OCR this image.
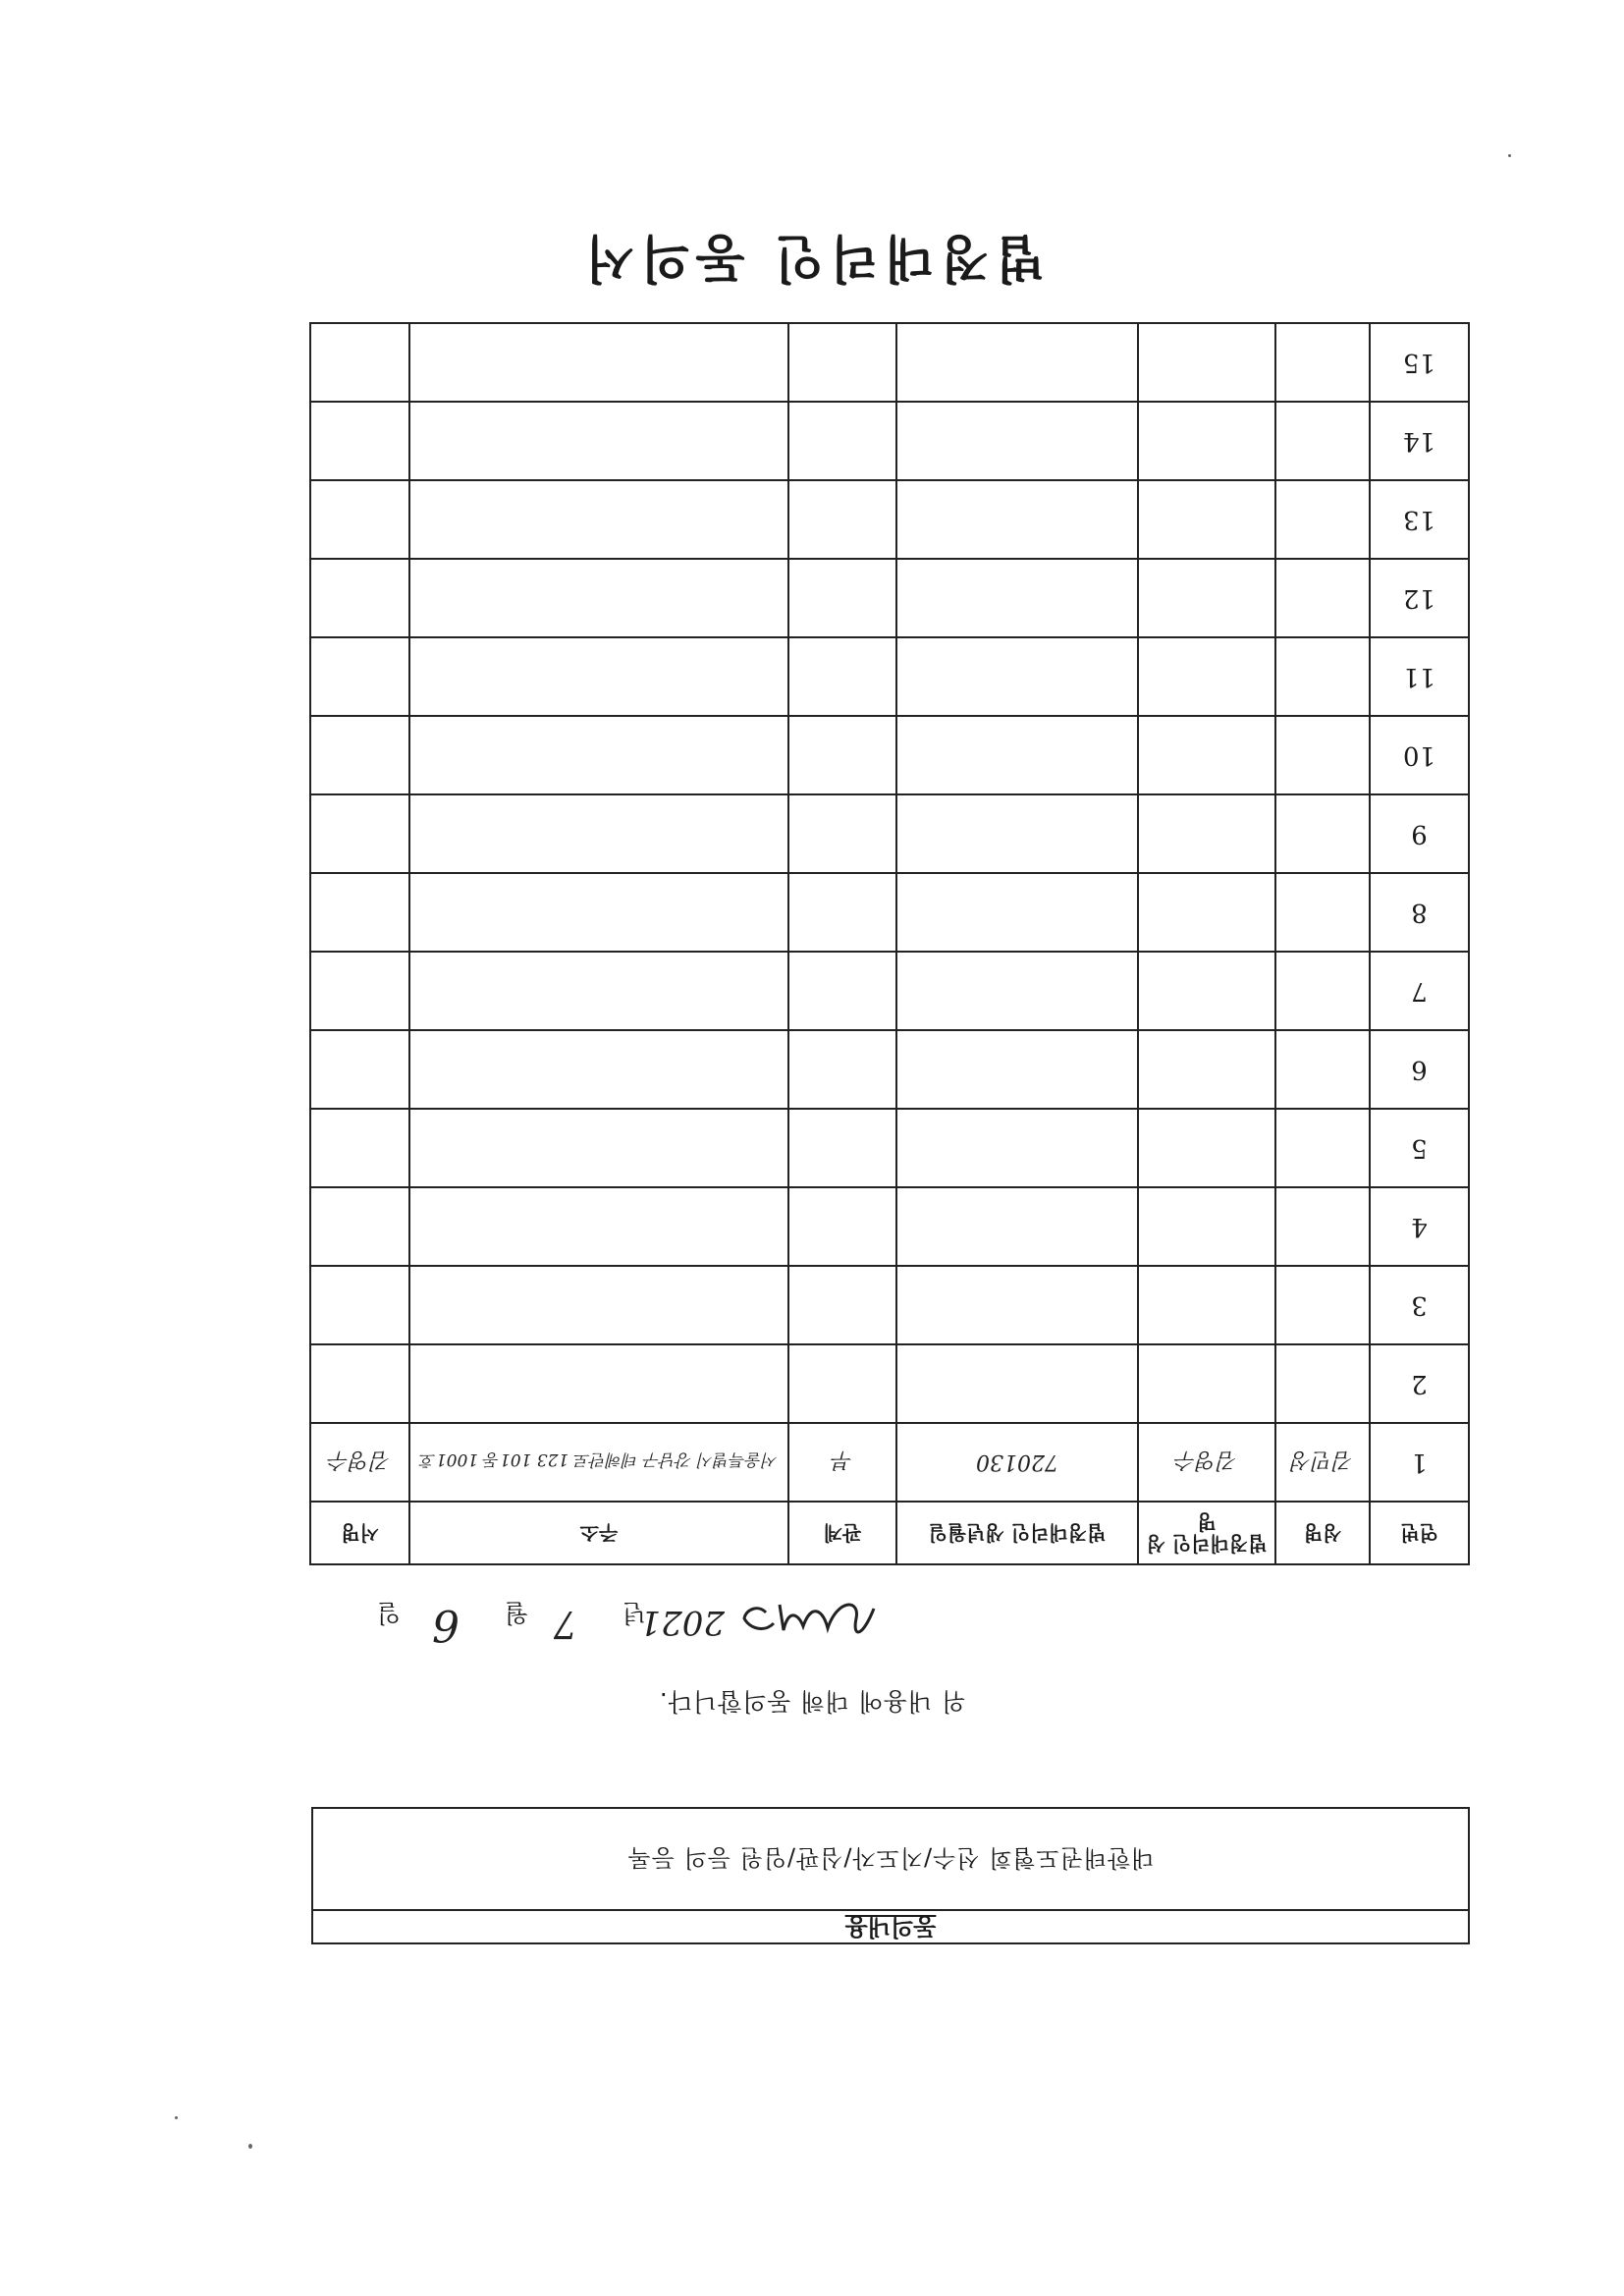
법정대리인 동의서
동의내용
대한태권도협회 선수/지도자/심판/임원 등의 등록
위 내용에 대해 동의합니다.
2021
년
7
월
6
일
연번	성명	법정대리인 성명	법정대리인 생년월일	관계	주소	서명
1	김민성	김영수	720130	부	서울특별시 강남구 테헤란로 123 101동 1001호	김영수
2						
3						
4						
5						
6						
7						
8						
9						
10						
11						
12						
13						
14						
15						
